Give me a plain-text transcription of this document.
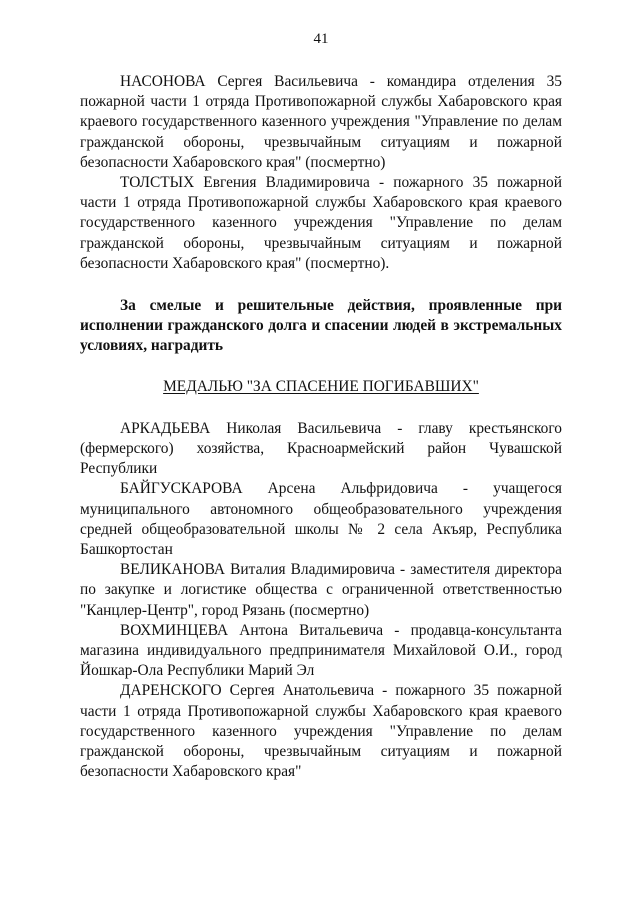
41

НАСОНОВА Сергея Васильевича - командира отделения 35 пожарной части 1 отряда Противопожарной службы Хабаровского края краевого государственного казенного учреждения "Управление по делам гражданской обороны, чрезвычайным ситуациям и пожарной безопасности Хабаровского края" (посмертно)

ТОЛСТЫХ Евгения Владимировича - пожарного 35 пожарной части 1 отряда Противопожарной службы Хабаровского края краевого государственного казенного учреждения "Управление по делам гражданской обороны, чрезвычайным ситуациям и пожарной безопасности Хабаровского края" (посмертно).

За смелые и решительные действия, проявленные при исполнении гражданского долга и спасении людей в экстремальных условиях, наградить

МЕДАЛЬЮ "ЗА СПАСЕНИЕ ПОГИБАВШИХ"

АРКАДЬЕВА Николая Васильевича - главу крестьянского (фермерского) хозяйства, Красноармейский район Чувашской Республики

БАЙГУСКАРОВА Арсена Альфридовича - учащегося муниципального автономного общеобразовательного учреждения средней общеобразовательной школы № 2 села Акъяр, Республика Башкортостан

ВЕЛИКАНОВА Виталия Владимировича - заместителя директора по закупке и логистике общества с ограниченной ответственностью "Канцлер-Центр", город Рязань (посмертно)

ВОХМИНЦЕВА Антона Витальевича - продавца-консультанта магазина индивидуального предпринимателя Михайловой О.И., город Йошкар-Ола Республики Марий Эл

ДАРЕНСКОГО Сергея Анатольевича - пожарного 35 пожарной части 1 отряда Противопожарной службы Хабаровского края краевого государственного казенного учреждения "Управление по делам гражданской обороны, чрезвычайным ситуациям и пожарной безопасности Хабаровского края"
